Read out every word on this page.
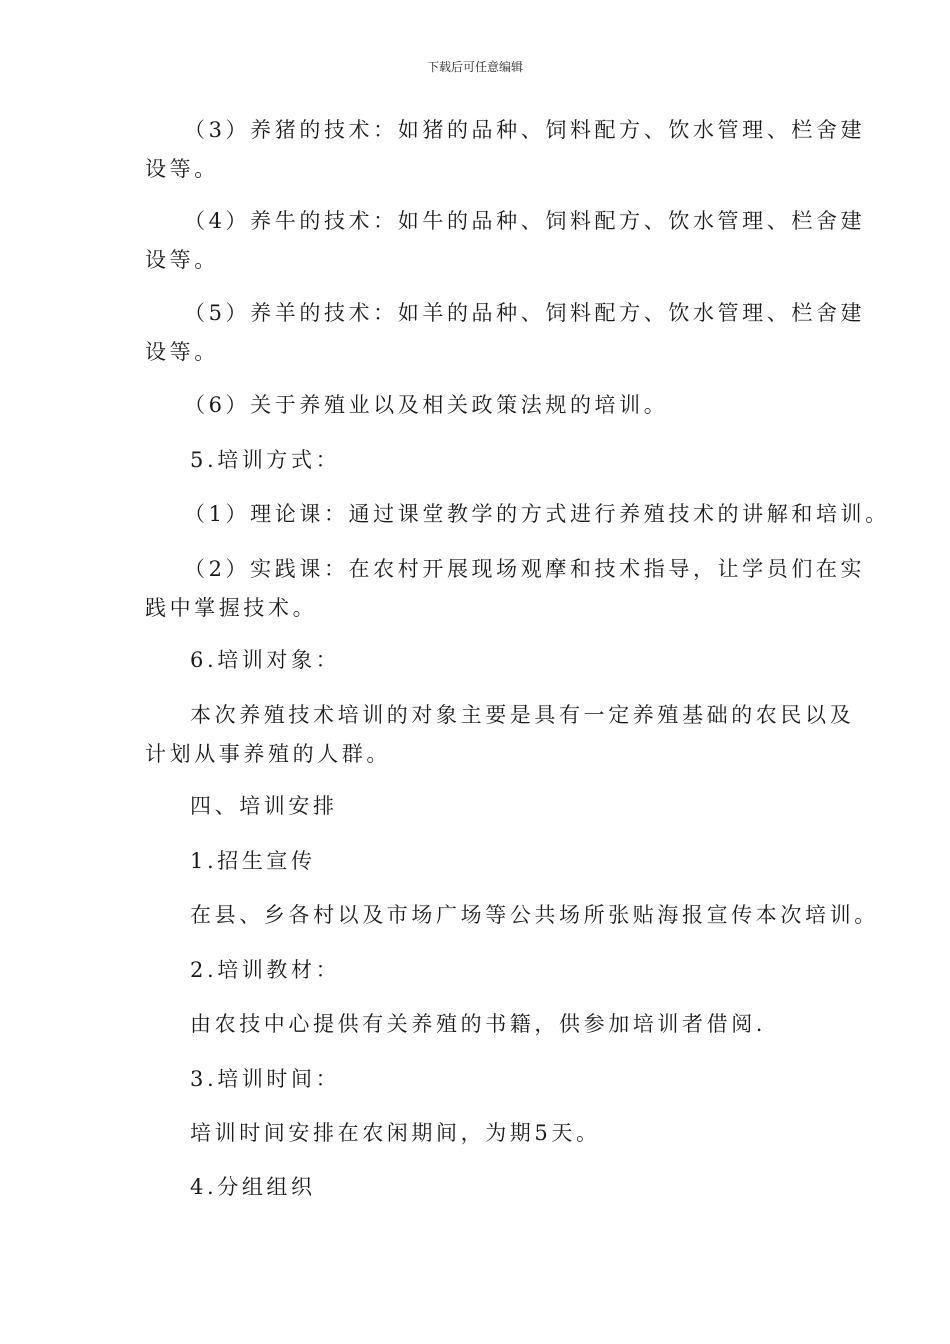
下载后可任意编辑
（3）养猪的技术：如猪的品种、饲料配方、饮水管理、栏舍建
设等。
（4）养牛的技术：如牛的品种、饲料配方、饮水管理、栏舍建
设等。
（5）养羊的技术：如羊的品种、饲料配方、饮水管理、栏舍建
设等。
（6）关于养殖业以及相关政策法规的培训。
5.培训方式：
（1）理论课：通过课堂教学的方式进行养殖技术的讲解和培训。
（2）实践课：在农村开展现场观摩和技术指导，让学员们在实
践中掌握技术。
6.培训对象：
本次养殖技术培训的对象主要是具有一定养殖基础的农民以及
计划从事养殖的人群。
四、培训安排
1.招生宣传
在县、乡各村以及市场广场等公共场所张贴海报宣传本次培训。
2.培训教材：
由农技中心提供有关养殖的书籍，供参加培训者借阅.
3.培训时间：
培训时间安排在农闲期间，为期5天。
4.分组组织
